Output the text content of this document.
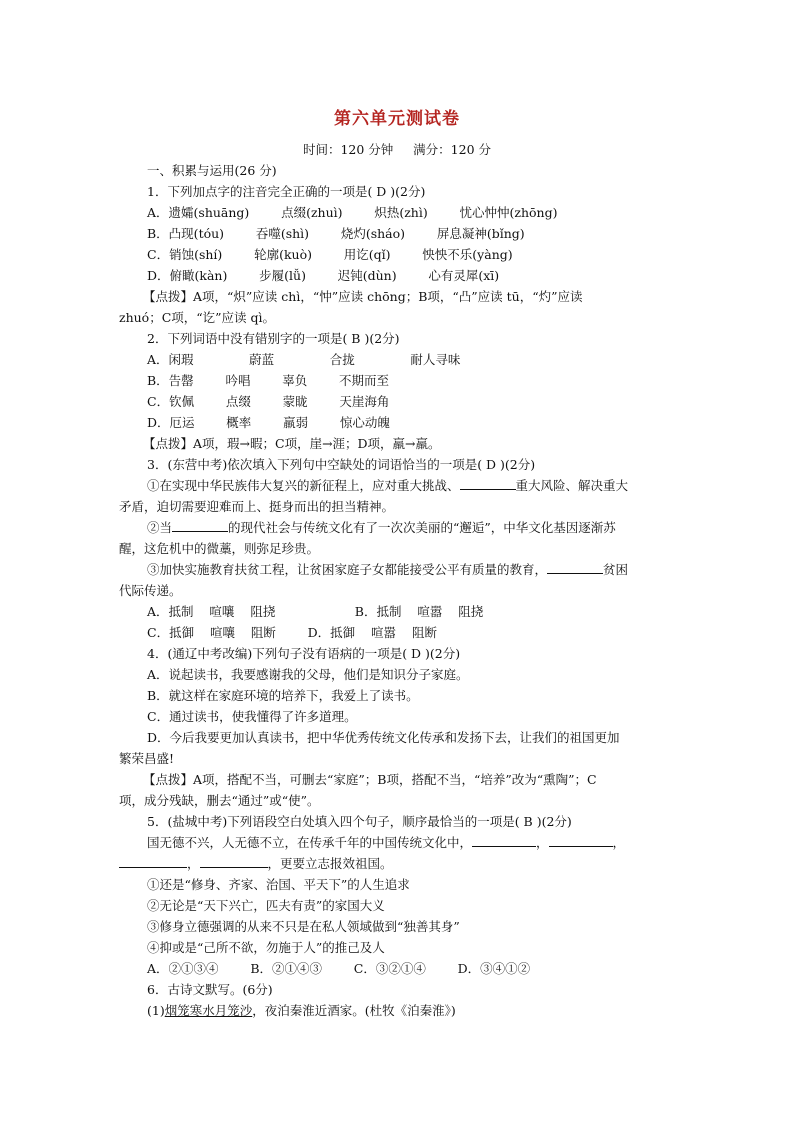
第六单元测试卷
时间：120 分钟     满分：120 分
一、积累与运用(26 分)
1．下列加点字的注音完全正确的一项是( D )(2分)
A．遗孀(shuāng)        点缀(zhuì)        炽热(zhì)        忧心忡忡(zhōng)
B．凸现(tóu)        吞噬(shì)        烧灼(sháo)        屏息凝神(bǐng)
C．销蚀(shí)        轮廓(kuò)        用讫(qǐ)        怏怏不乐(yàng)
D．俯瞰(kàn)        步履(lǚ)        迟钝(dùn)        心有灵犀(xī)
【点拨】A项，“炽”应读 chì，“忡”应读 chōng；B项，“凸”应读 tū，“灼”应读
zhuó；C项，“讫”应读 qì。
2．下列词语中没有错别字的一项是( B )(2分)
A．闲瑕              蔚蓝              合拢              耐人寻味
B．告罄        吟唱        辜负        不期而至
C．钦佩        点缀        蒙眬        天崖海角
D．厄运        概率        羸弱        惊心动魄
【点拨】A项，瑕→暇；C项，崖→涯；D项，羸→羸。
3．(东营中考)依次填入下列句中空缺处的词语恰当的一项是( D )(2分)
①在实现中华民族伟大复兴的新征程上，应对重大挑战、	重大风险、解决重大
矛盾，迫切需要迎难而上、挺身而出的担当精神。
②当	的现代社会与传统文化有了一次次美丽的“邂逅”，中华文化基因逐渐苏
醒，这危机中的微藁，则弥足珍贵。
③加快实施教育扶贫工程，让贫困家庭子女都能接受公平有质量的教育，	贫困
代际传递。
A．抵制    喧嚷    阻挠                    B．抵制    喧嚣    阻挠
C．抵御    喧嚷    阻断        D．抵御    喧嚣    阻断
4．(通辽中考改编)下列句子没有语病的一项是( D )(2分)
A．说起读书，我要感谢我的父母，他们是知识分子家庭。
B．就这样在家庭环境的培养下，我爱上了读书。
C．通过读书，使我懂得了许多道理。
D．今后我要更加认真读书，把中华优秀传统文化传承和发扬下去，让我们的祖国更加
繁荣昌盛!
【点拨】A项，搭配不当，可删去“家庭”；B项，搭配不当，“培养”改为“熏陶”；C
项，成分残缺，删去“通过”或“使”。
5．(盐城中考)下列语段空白处填入四个句子，顺序最恰当的一项是( B )(2分)
国无德不兴，人无德不立，在传承千年的中国传统文化中，	，	，
，	，更要立志报效祖国。
①还是“修身、齐家、治国、平天下”的人生追求
②无论是“天下兴亡，匹夫有责”的家国大义
③修身立德强调的从来不只是在私人领域做到“独善其身”
④抑或是“己所不欲，勿施于人”的推己及人
A．②①③④        B．②①④③        C．③②①④        D．③④①②
6．古诗文默写。(6分)
(1)烟笼寒水月笼沙，夜泊秦淮近酒家。(杜牧《泊秦淮》)
